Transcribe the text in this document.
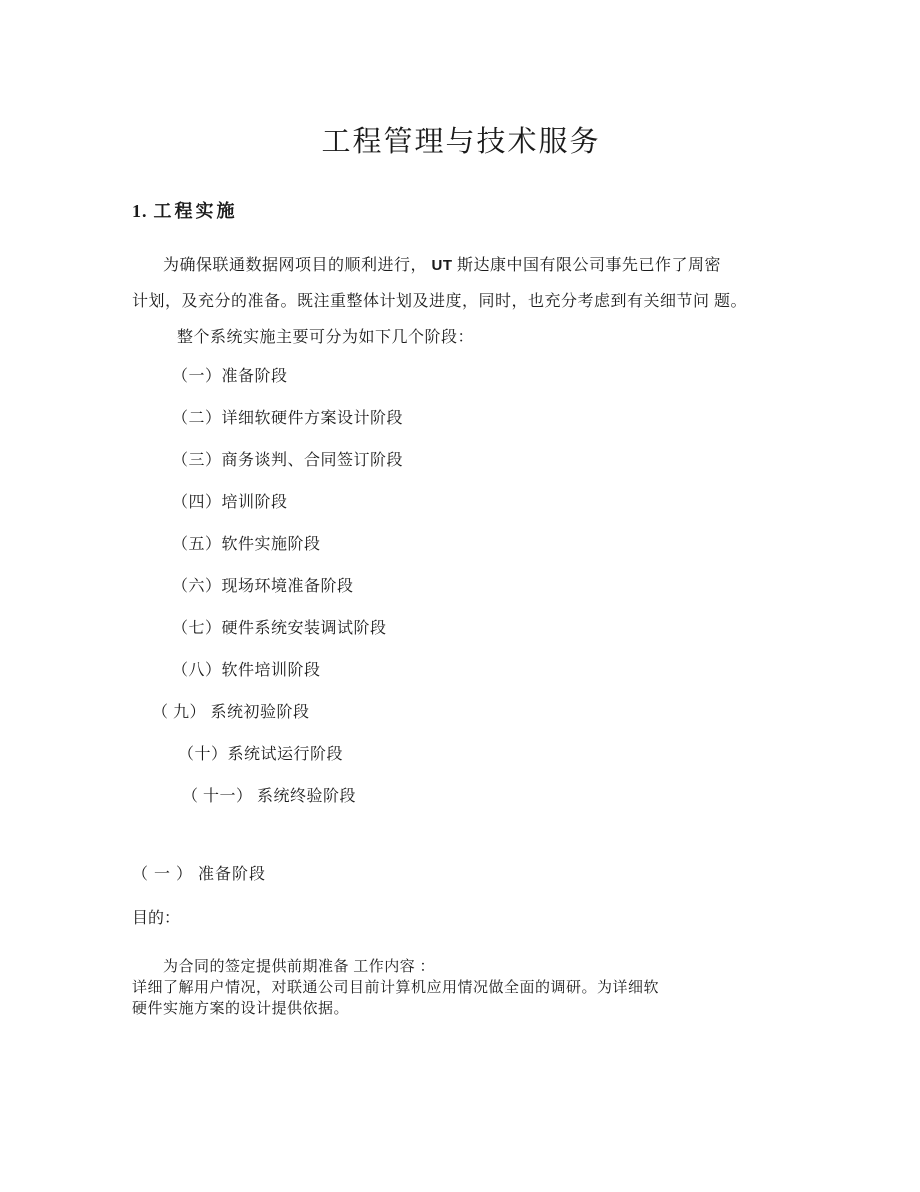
工程管理与技术服务
1. 工程实施
为确保联通数据网项目的顺利进行， UT 斯达康中国有限公司事先已作了周密
计划，及充分的准备。既注重整体计划及进度，同时，也充分考虑到有关细节问 题。
整个系统实施主要可分为如下几个阶段：
（一）准备阶段
（二）详细软硬件方案设计阶段
（三）商务谈判、合同签订阶段
（四）培训阶段
（五）软件实施阶段
（六）现场环境准备阶段
（七）硬件系统安装调试阶段
（八）软件培训阶段
（ 九） 系统初验阶段
（十）系统试运行阶段
（ 十一） 系统终验阶段
（ 一 ） 准备阶段
目的：
为合同的签定提供前期准备 工作内容 ：
详细了解用户情况，对联通公司目前计算机应用情况做全面的调研。为详细软
硬件实施方案的设计提供依据。
